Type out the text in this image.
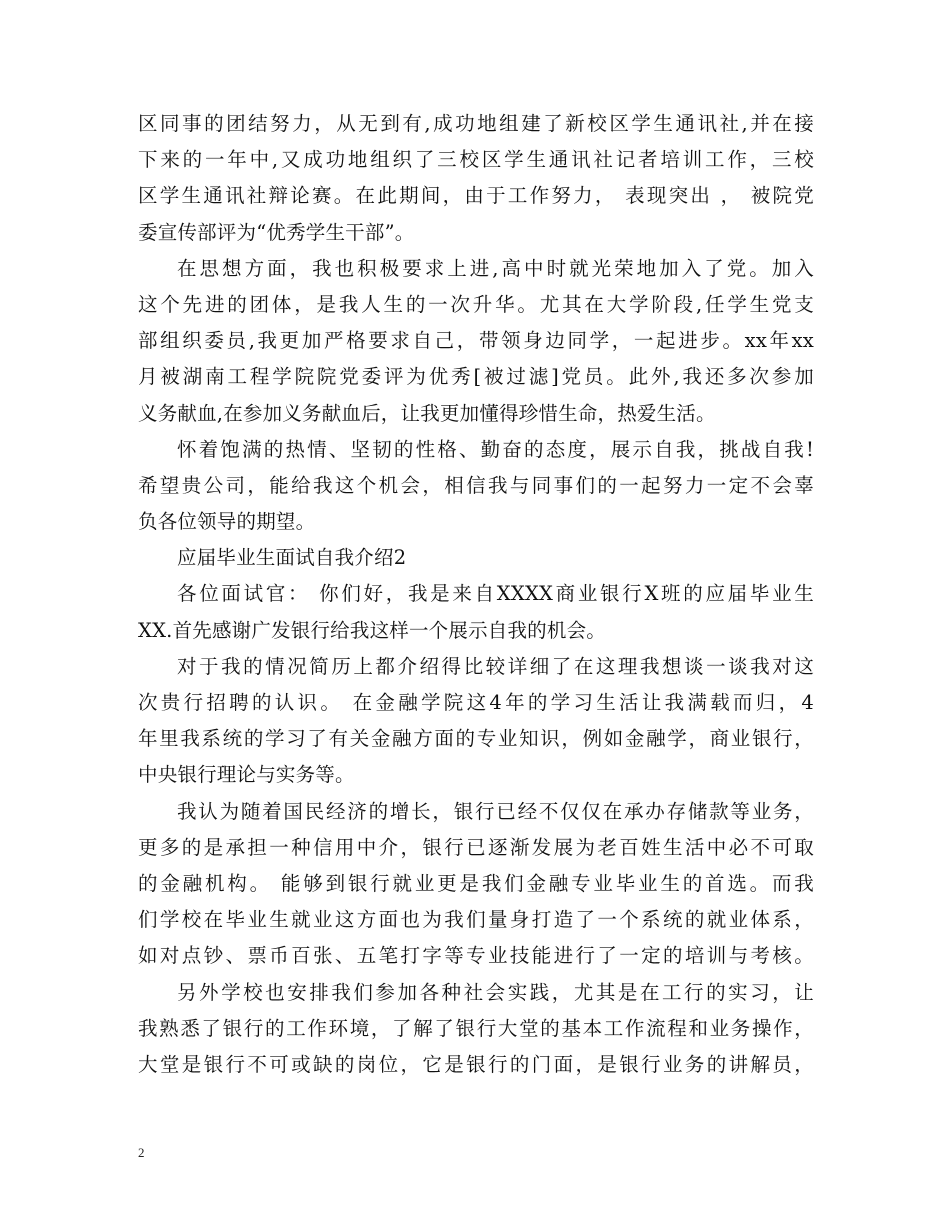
区同事的团结努力，从无到有,成功地组建了新校区学生通讯社,并在接
下来的一年中,又成功地组织了三校区学生通讯社记者培训工作，三校
区学生通讯社辩论赛。在此期间，由于工作努力， 表现突出 ， 被院党
委宣传部评为“优秀学生干部”。
在思想方面，我也积极要求上进,高中时就光荣地加入了党。加入
这个先进的团体，是我人生的一次升华。尤其在大学阶段,任学生党支
部组织委员,我更加严格要求自己，带领身边同学，一起进步。xx年xx
月被湖南工程学院院党委评为优秀[被过滤]党员。此外,我还多次参加
义务献血,在参加义务献血后，让我更加懂得珍惜生命，热爱生活。
怀着饱满的热情、坚韧的性格、勤奋的态度，展示自我，挑战自我!
希望贵公司，能给我这个机会，相信我与同事们的一起努力一定不会辜
负各位领导的期望。
应届毕业生面试自我介绍2
各位面试官： 你们好，我是来自XXXX商业银行X班的应届毕业生
XX.首先感谢广发银行给我这样一个展示自我的机会。
对于我的情况简历上都介绍得比较详细了在这理我想谈一谈我对这
次贵行招聘的认识。 在金融学院这4年的学习生活让我满载而归，4
年里我系统的学习了有关金融方面的专业知识，例如金融学，商业银行，
中央银行理论与实务等。
我认为随着国民经济的增长，银行已经不仅仅在承办存储款等业务，
更多的是承担一种信用中介，银行已逐渐发展为老百姓生活中必不可取
的金融机构。 能够到银行就业更是我们金融专业毕业生的首选。而我
们学校在毕业生就业这方面也为我们量身打造了一个系统的就业体系，
如对点钞、票币百张、五笔打字等专业技能进行了一定的培训与考核。
另外学校也安排我们参加各种社会实践，尤其是在工行的实习，让
我熟悉了银行的工作环境，了解了银行大堂的基本工作流程和业务操作，
大堂是银行不可或缺的岗位，它是银行的门面，是银行业务的讲解员，
2
